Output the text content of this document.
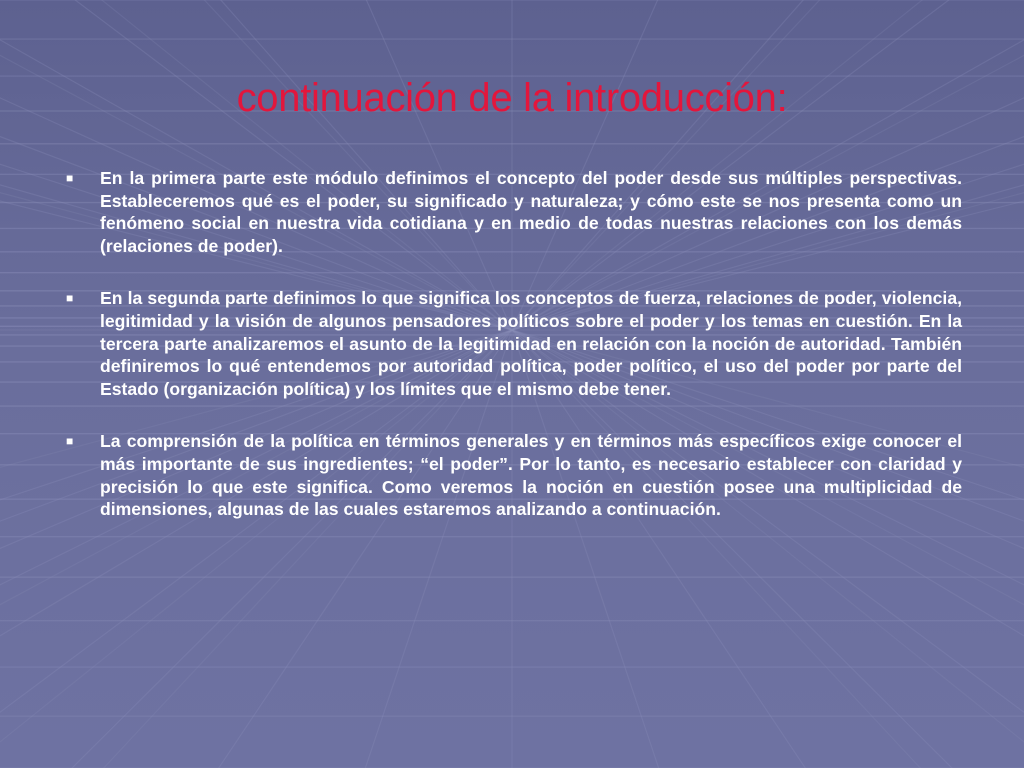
continuación de la introducción:
■ En la primera parte este módulo definimos el concepto del poder desde sus múltiples perspectivas. Estableceremos qué es el poder, su significado y naturaleza; y cómo este se nos presenta como un fenómeno social en nuestra vida cotidiana y en medio de todas nuestras relaciones con los demás (relaciones de poder).
■ En la segunda parte definimos lo que significa los conceptos de fuerza, relaciones de poder, violencia, legitimidad y la visión de algunos pensadores políticos sobre el poder y los temas en cuestión. En la tercera parte analizaremos el asunto de la legitimidad en relación con la noción de autoridad. También definiremos lo qué entendemos por autoridad política, poder político, el uso del poder por parte del Estado (organización política) y los límites que el mismo debe tener.
■ La comprensión de la política en términos generales y en términos más específicos exige conocer el más importante de sus ingredientes; “el poder”. Por lo tanto, es necesario establecer con claridad y precisión lo que este significa. Como veremos la noción en cuestión posee una multiplicidad de dimensiones, algunas de las cuales estaremos analizando a continuación.
